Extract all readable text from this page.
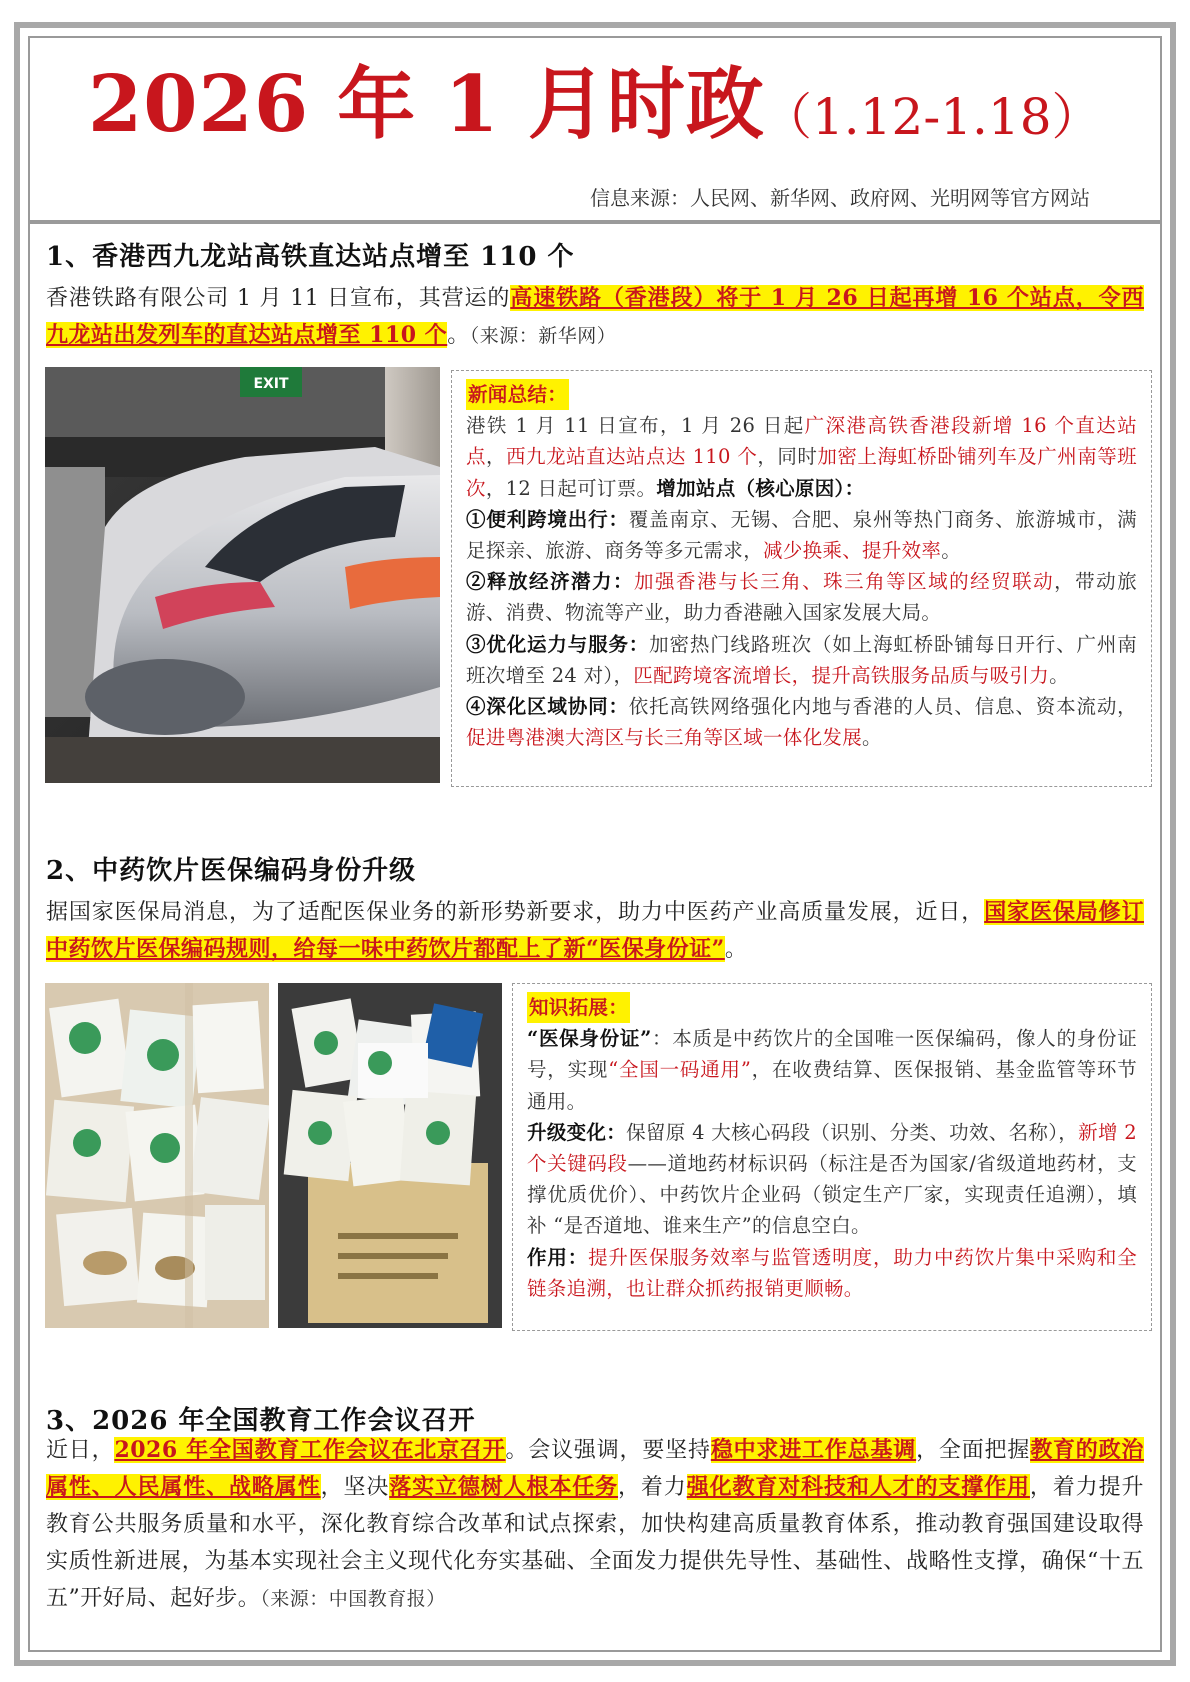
2026 年 1 月时政
（1.12-1.18）
信息来源：人民网、新华网、政府网、光明网等官方网站
1、香港西九龙站高铁直达站点增至 110 个
香港铁路有限公司 1 月 11 日宣布，其营运的高速铁路（香港段）将于 1 月 26 日起再增 16 个站点，令西九龙站出发列车的直达站点增至 110 个。（来源：新华网）
EXIT	新闻总结：
港铁 1 月 11 日宣布，1 月 26 日起广深港高铁香港段新增 16 个直达站点，西九龙站直达站点达 110 个，同时加密上海虹桥卧铺列车及广州南等班次，12 日起可订票。增加站点（核心原因）：
①便利跨境出行：覆盖南京、无锡、合肥、泉州等热门商务、旅游城市，满足探亲、旅游、商务等多元需求，减少换乘、提升效率。
②释放经济潜力：加强香港与长三角、珠三角等区域的经贸联动，带动旅游、消费、物流等产业，助力香港融入国家发展大局。
③优化运力与服务：加密热门线路班次（如上海虹桥卧铺每日开行、广州南班次增至 24 对），匹配跨境客流增长，提升高铁服务品质与吸引力。
④深化区域协同：依托高铁网络强化内地与香港的人员、信息、资本流动，促进粤港澳大湾区与长三角等区域一体化发展。
2、中药饮片医保编码身份升级
据国家医保局消息，为了适配医保业务的新形势新要求，助力中医药产业高质量发展，近日，国家医保局修订中药饮片医保编码规则，给每一味中药饮片都配上了新“医保身份证”。
知识拓展：
“医保身份证”：本质是中药饮片的全国唯一医保编码，像人的身份证号，实现“全国一码通用”，在收费结算、医保报销、基金监管等环节通用。
升级变化：保留原 4 大核心码段（识别、分类、功效、名称），新增 2 个关键码段——道地药材标识码（标注是否为国家/省级道地药材，支撑优质优价）、中药饮片企业码（锁定生产厂家，实现责任追溯），填补 “是否道地、谁来生产”的信息空白。
作用：提升医保服务效率与监管透明度，助力中药饮片集中采购和全链条追溯，也让群众抓药报销更顺畅。
3、2026 年全国教育工作会议召开
近日，2026 年全国教育工作会议在北京召开。会议强调，要坚持稳中求进工作总基调，全面把握教育的政治属性、人民属性、战略属性，坚决落实立德树人根本任务，着力强化教育对科技和人才的支撑作用，着力提升教育公共服务质量和水平，深化教育综合改革和试点探索，加快构建高质量教育体系，推动教育强国建设取得实质性新进展，为基本实现社会主义现代化夯实基础、全面发力提供先导性、基础性、战略性支撑，确保“十五五”开好局、起好步。（来源：中国教育报）
